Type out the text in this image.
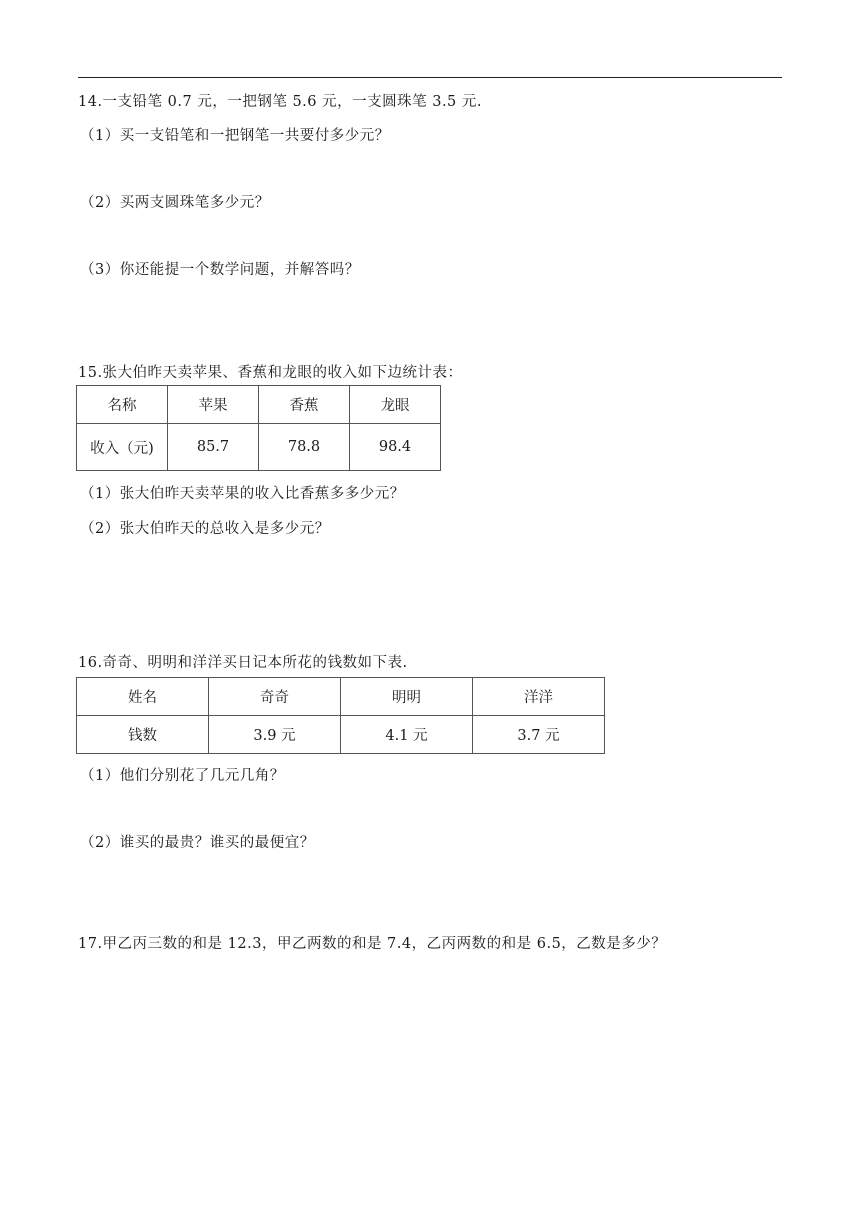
14.一支铅笔 0.7 元，一把钢笔 5.6 元，一支圆珠笔 3.5 元.
（1）买一支铅笔和一把钢笔一共要付多少元？
（2）买两支圆珠笔多少元？
（3）你还能提一个数学问题，并解答吗？
15.张大伯昨天卖苹果、香蕉和龙眼的收入如下边统计表：
名称	苹果	香蕉	龙眼
收入（元)	85.7	78.8	98.4
（1）张大伯昨天卖苹果的收入比香蕉多多少元？
（2）张大伯昨天的总收入是多少元？
16.奇奇、明明和洋洋买日记本所花的钱数如下表.
姓名	奇奇	明明	洋洋
钱数	3.9 元	4.1 元	3.7 元
（1）他们分别花了几元几角？
（2）谁买的最贵？谁买的最便宜？
17.甲乙丙三数的和是 12.3，甲乙两数的和是 7.4，乙丙两数的和是 6.5，乙数是多少？
